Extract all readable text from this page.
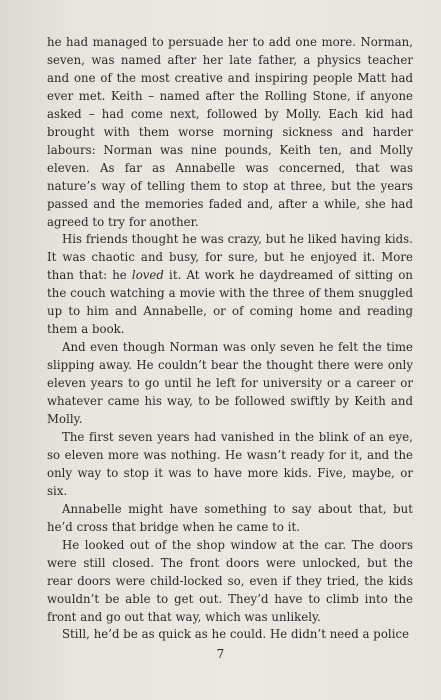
he had managed to persuade her to add one more. Norman, seven, was named after her late father, a physics teacher and one of the most creative and inspiring people Matt had ever met. Keith – named after the Rolling Stone, if anyone asked – had come next, followed by Molly. Each kid had brought with them worse morning sickness and harder labours: Norman was nine pounds, Keith ten, and Molly eleven. As far as Annabelle was concerned, that was nature’s way of telling them to stop at three, but the years passed and the memories faded and, after a while, she had agreed to try for another.

His friends thought he was crazy, but he liked having kids. It was chaotic and busy, for sure, but he enjoyed it. More than that: he loved it. At work he daydreamed of sitting on the couch watching a movie with the three of them snuggled up to him and Annabelle, or of coming home and reading them a book.

And even though Norman was only seven he felt the time slipping away. He couldn’t bear the thought there were only eleven years to go until he left for university or a career or whatever came his way, to be followed swiftly by Keith and Molly.

The first seven years had vanished in the blink of an eye, so eleven more was nothing. He wasn’t ready for it, and the only way to stop it was to have more kids. Five, maybe, or six.

Annabelle might have something to say about that, but he’d cross that bridge when he came to it.

He looked out of the shop window at the car. The doors were still closed. The front doors were unlocked, but the rear doors were child-locked so, even if they tried, the kids wouldn’t be able to get out. They’d have to climb into the front and go out that way, which was unlikely.

Still, he’d be as quick as he could. He didn’t need a police

7
